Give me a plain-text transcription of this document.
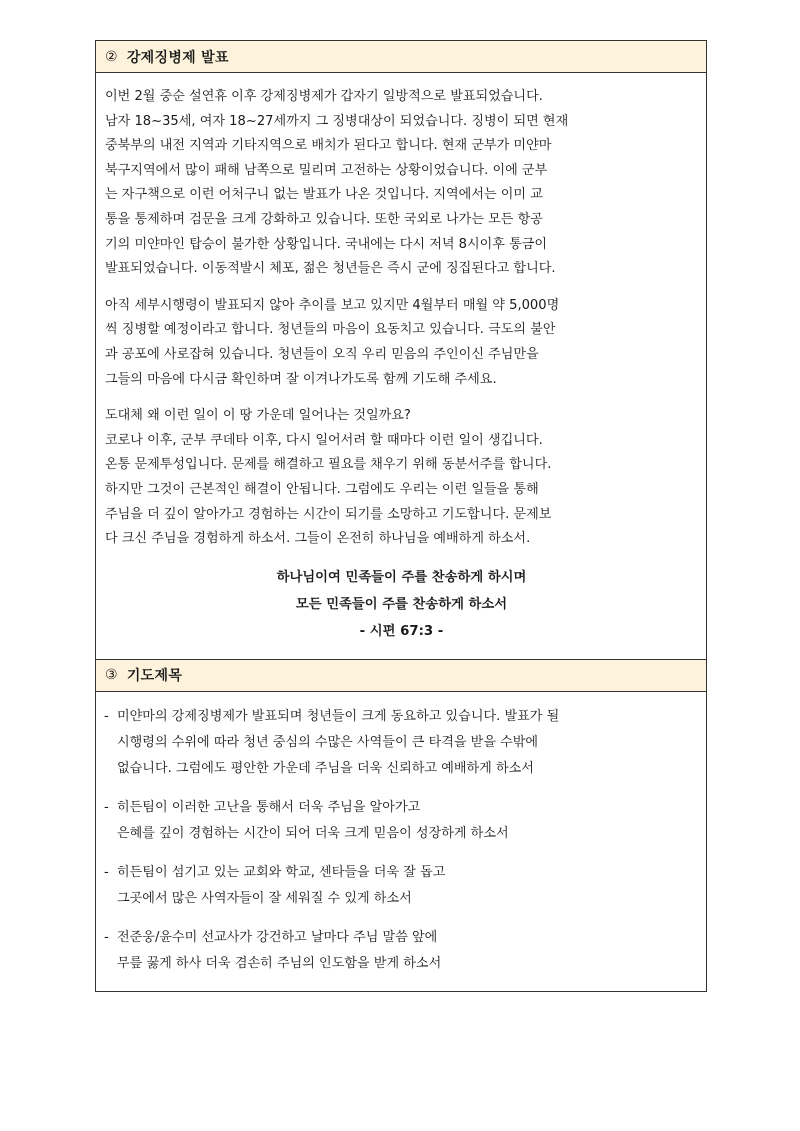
② 강제징병제 발표

이번 2월 중순 설연휴 이후 강제징병제가 갑자기 일방적으로 발표되었습니다.
남자 18~35세, 여자 18~27세까지 그 징병대상이 되었습니다. 징병이 되면 현재
중북부의 내전 지역과 기타지역으로 배치가 된다고 합니다. 현재 군부가 미얀마
북구지역에서 많이 패해 남쪽으로 밀리며 고전하는 상황이었습니다. 이에 군부
는 자구책으로 이런 어처구니 없는 발표가 나온 것입니다. 지역에서는 이미 교
통을 통제하며 검문을 크게 강화하고 있습니다. 또한 국외로 나가는 모든 항공
기의 미얀마인 탑승이 불가한 상황입니다. 국내에는 다시 저녁 8시이후 통금이
발표되었습니다. 이동적발시 체포, 젊은 청년들은 즉시 군에 징집된다고 합니다.

아직 세부시행령이 발표되지 않아 추이를 보고 있지만 4월부터 매월 약 5,000명
씩 징병할 예정이라고 합니다. 청년들의 마음이 요동치고 있습니다. 극도의 불안
과 공포에 사로잡혀 있습니다. 청년들이 오직 우리 믿음의 주인이신 주님만을
그들의 마음에 다시금 확인하며 잘 이겨나가도록 함께 기도해 주세요.

도대체 왜 이런 일이 이 땅 가운데 일어나는 것일까요?
코로나 이후, 군부 쿠데타 이후, 다시 일어서려 할 때마다 이런 일이 생깁니다.
온통 문제투성입니다. 문제를 해결하고 필요를 채우기 위해 동분서주를 합니다.
하지만 그것이 근본적인 해결이 안됩니다. 그럼에도 우리는 이런 일들을 통해
주님을 더 깊이 알아가고 경험하는 시간이 되기를 소망하고 기도합니다. 문제보
다 크신 주님을 경험하게 하소서. 그들이 온전히 하나님을 예배하게 하소서.

하나님이여 민족들이 주를 찬송하게 하시며
모든 민족들이 주를 찬송하게 하소서
- 시편 67:3 -
③ 기도제목
- 미얀마의 강제징병제가 발표되며 청년들이 크게 동요하고 있습니다. 발표가 될
시행령의 수위에 따라 청년 중심의 수많은 사역들이 큰 타격을 받을 수밖에
없습니다. 그럼에도 평안한 가운데 주님을 더욱 신뢰하고 예배하게 하소서
- 히든팀이 이러한 고난을 통해서 더욱 주님을 알아가고
은혜를 깊이 경험하는 시간이 되어 더욱 크게 믿음이 성장하게 하소서
- 히든팀이 섬기고 있는 교회와 학교, 센타들을 더욱 잘 돕고
그곳에서 많은 사역자들이 잘 세워질 수 있게 하소서
- 전준웅/윤수미 선교사가 강건하고 날마다 주님 말씀 앞에
무릎 꿇게 하사 더욱 겸손히 주님의 인도함을 받게 하소서
